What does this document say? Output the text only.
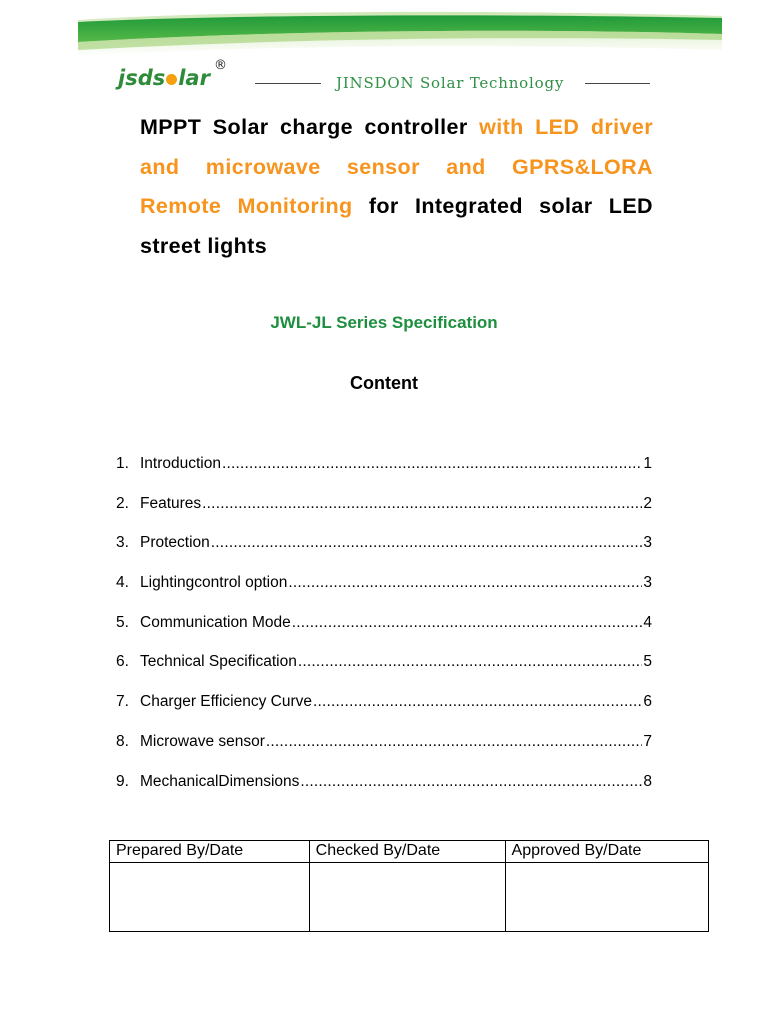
jsds lar
®
JINSDON Solar Technology
MPPT Solar charge controller with LED driver and microwave sensor and GPRS&LORA Remote Monitoring for Integrated solar LED street lights
JWL-JL Series Specification
Content
1. Introduction .....	1
2. Features .....	2
3. Protection .....	3
4. Lightingcontrol option .....	3
5. Communication Mode .....	4
6. Technical Specification .....	5
7. Charger Efficiency Curve .....	6
8. Microwave sensor .....	7
9. MechanicalDimensions .....	8
Prepared By/Date	Checked By/Date	Approved By/Date
